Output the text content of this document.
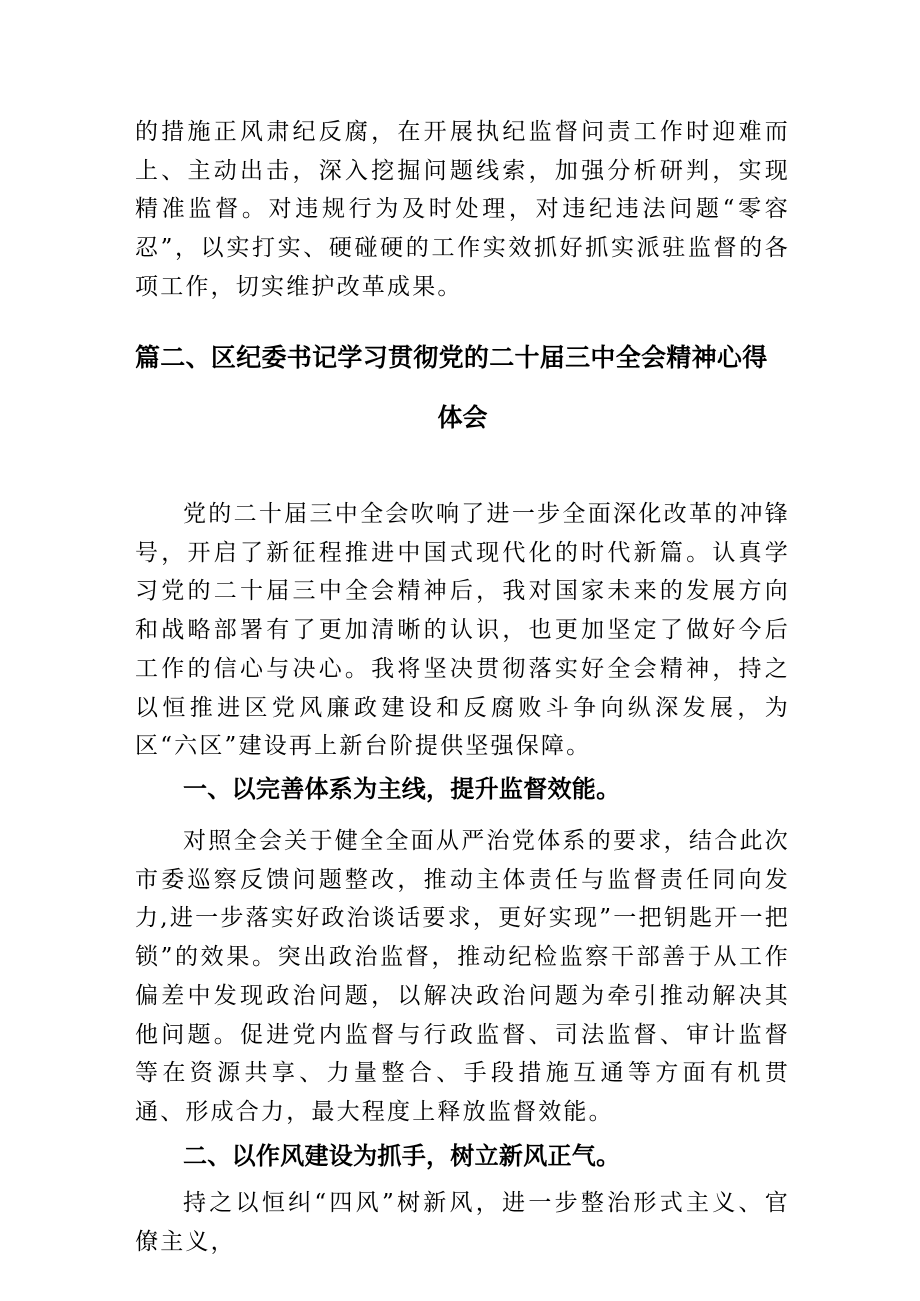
的措施正风肃纪反腐，在开展执纪监督问责工作时迎难而上、主动出击，深入挖掘问题线索，加强分析研判，实现精准监督。对违规行为及时处理，对违纪违法问题“零容忍”，以实打实、硬碰硬的工作实效抓好抓实派驻监督的各项工作，切实维护改革成果。

篇二、区纪委书记学习贯彻党的二十届三中全会精神心得
体会

党的二十届三中全会吹响了进一步全面深化改革的冲锋号，开启了新征程推进中国式现代化的时代新篇。认真学习党的二十届三中全会精神后，我对国家未来的发展方向和战略部署有了更加清晰的认识，也更加坚定了做好今后工作的信心与决心。我将坚决贯彻落实好全会精神，持之以恒推进区党风廉政建设和反腐败斗争向纵深发展，为区“六区”建设再上新台阶提供坚强保障。

一、以完善体系为主线，提升监督效能。

对照全会关于健全全面从严治党体系的要求，结合此次市委巡察反馈问题整改，推动主体责任与监督责任同向发力,进一步落实好政治谈话要求，更好实现”一把钥匙开一把锁”的效果。突出政治监督，推动纪检监察干部善于从工作偏差中发现政治问题，以解决政治问题为牵引推动解决其他问题。促进党内监督与行政监督、司法监督、审计监督等在资源共享、力量整合、手段措施互通等方面有机贯通、形成合力，最大程度上释放监督效能。

二、以作风建设为抓手，树立新风正气。

持之以恒纠“四风”树新风，进一步整治形式主义、官僚主义，
